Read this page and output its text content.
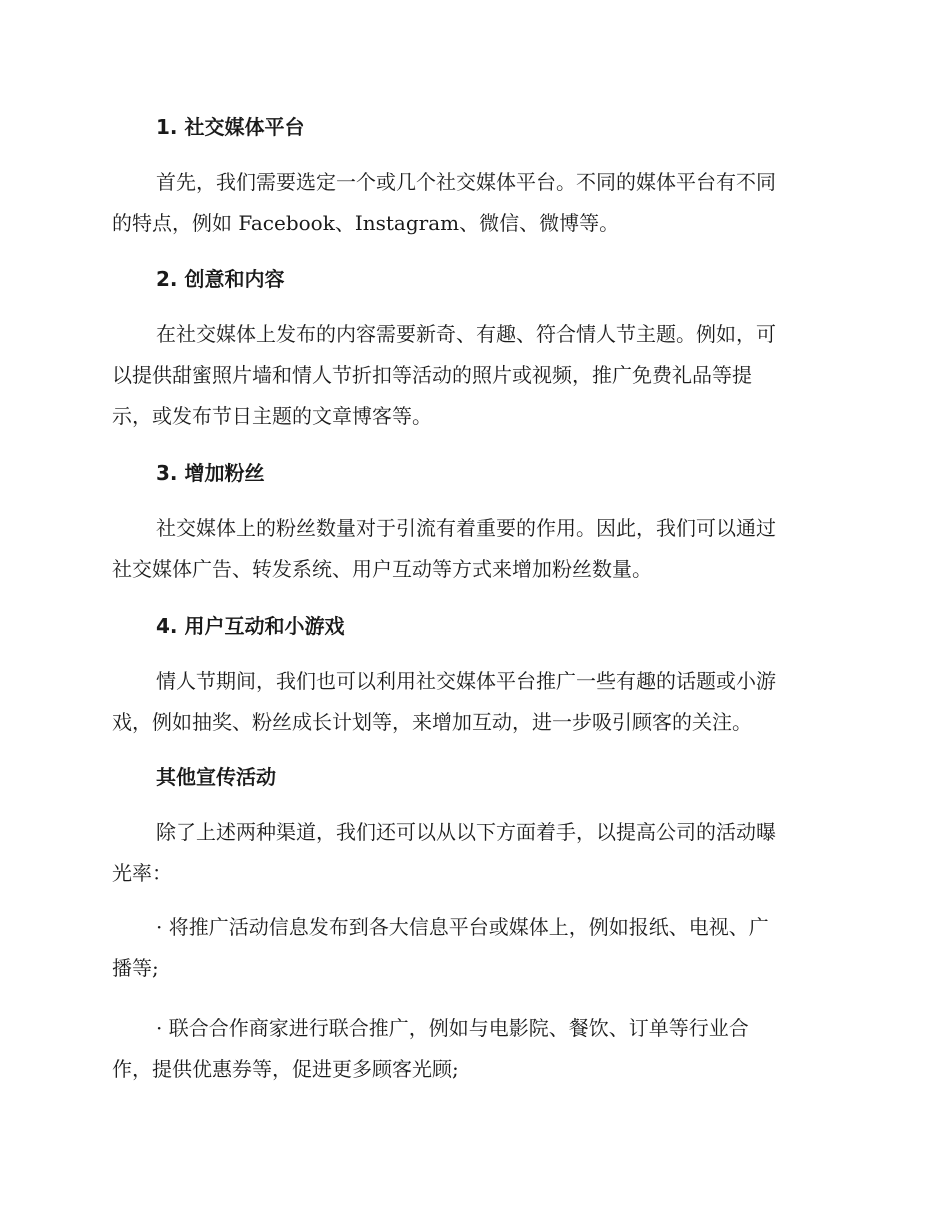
1. 社交媒体平台
首先，我们需要选定一个或几个社交媒体平台。不同的媒体平台有不同
的特点，例如 Facebook、Instagram、微信、微博等。
2. 创意和内容
在社交媒体上发布的内容需要新奇、有趣、符合情人节主题。例如，可
以提供甜蜜照片墙和情人节折扣等活动的照片或视频，推广免费礼品等提
示，或发布节日主题的文章博客等。
3. 增加粉丝
社交媒体上的粉丝数量对于引流有着重要的作用。因此，我们可以通过
社交媒体广告、转发系统、用户互动等方式来增加粉丝数量。
4. 用户互动和小游戏
情人节期间，我们也可以利用社交媒体平台推广一些有趣的话题或小游
戏，例如抽奖、粉丝成长计划等，来增加互动，进一步吸引顾客的关注。
其他宣传活动
除了上述两种渠道，我们还可以从以下方面着手，以提高公司的活动曝
光率：
· 将推广活动信息发布到各大信息平台或媒体上，例如报纸、电视、广
播等;
· 联合合作商家进行联合推广，例如与电影院、餐饮、订单等行业合
作，提供优惠券等，促进更多顾客光顾;
